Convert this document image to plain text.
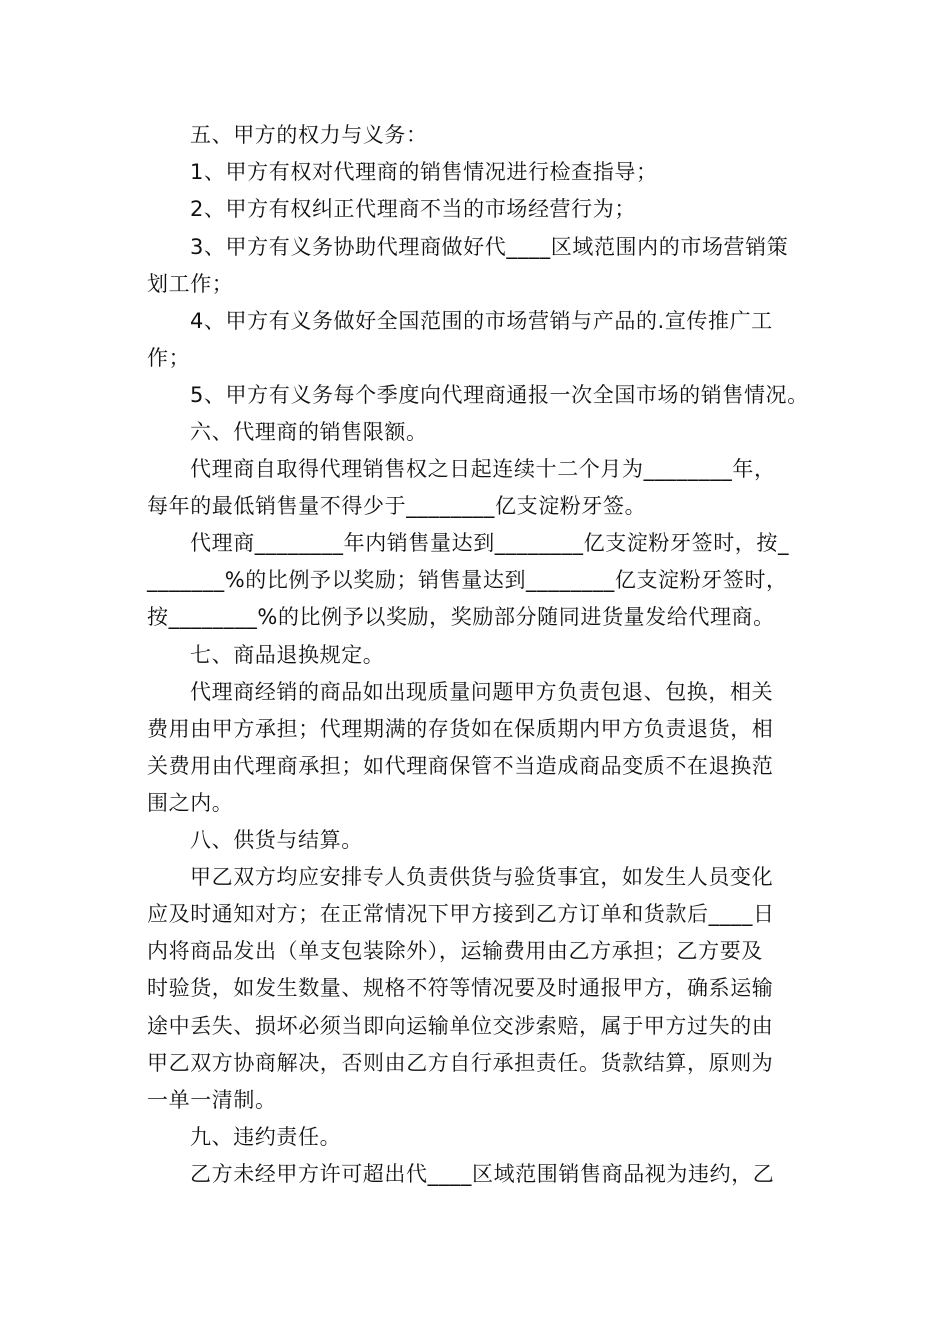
五、甲方的权力与义务：
1、甲方有权对代理商的销售情况进行检查指导；
2、甲方有权纠正代理商不当的市场经营行为；
3、甲方有义务协助代理商做好代____区域范围内的市场营销策
划工作；
4、甲方有义务做好全国范围的市场营销与产品的.宣传推广工
作；
5、甲方有义务每个季度向代理商通报一次全国市场的销售情况。
六、代理商的销售限额。
代理商自取得代理销售权之日起连续十二个月为________年，
每年的最低销售量不得少于________亿支淀粉牙签。
代理商________年内销售量达到________亿支淀粉牙签时，按_
_______%的比例予以奖励；销售量达到________亿支淀粉牙签时，
按________%的比例予以奖励，奖励部分随同进货量发给代理商。
七、商品退换规定。
代理商经销的商品如出现质量问题甲方负责包退、包换，相关
费用由甲方承担；代理期满的存货如在保质期内甲方负责退货，相
关费用由代理商承担；如代理商保管不当造成商品变质不在退换范
围之内。
八、供货与结算。
甲乙双方均应安排专人负责供货与验货事宜，如发生人员变化
应及时通知对方；在正常情况下甲方接到乙方订单和货款后____日
内将商品发出（单支包装除外），运输费用由乙方承担；乙方要及
时验货，如发生数量、规格不符等情况要及时通报甲方，确系运输
途中丢失、损坏必须当即向运输单位交涉索赔，属于甲方过失的由
甲乙双方协商解决，否则由乙方自行承担责任。货款结算，原则为
一单一清制。
九、违约责任。
乙方未经甲方许可超出代____区域范围销售商品视为违约，乙
